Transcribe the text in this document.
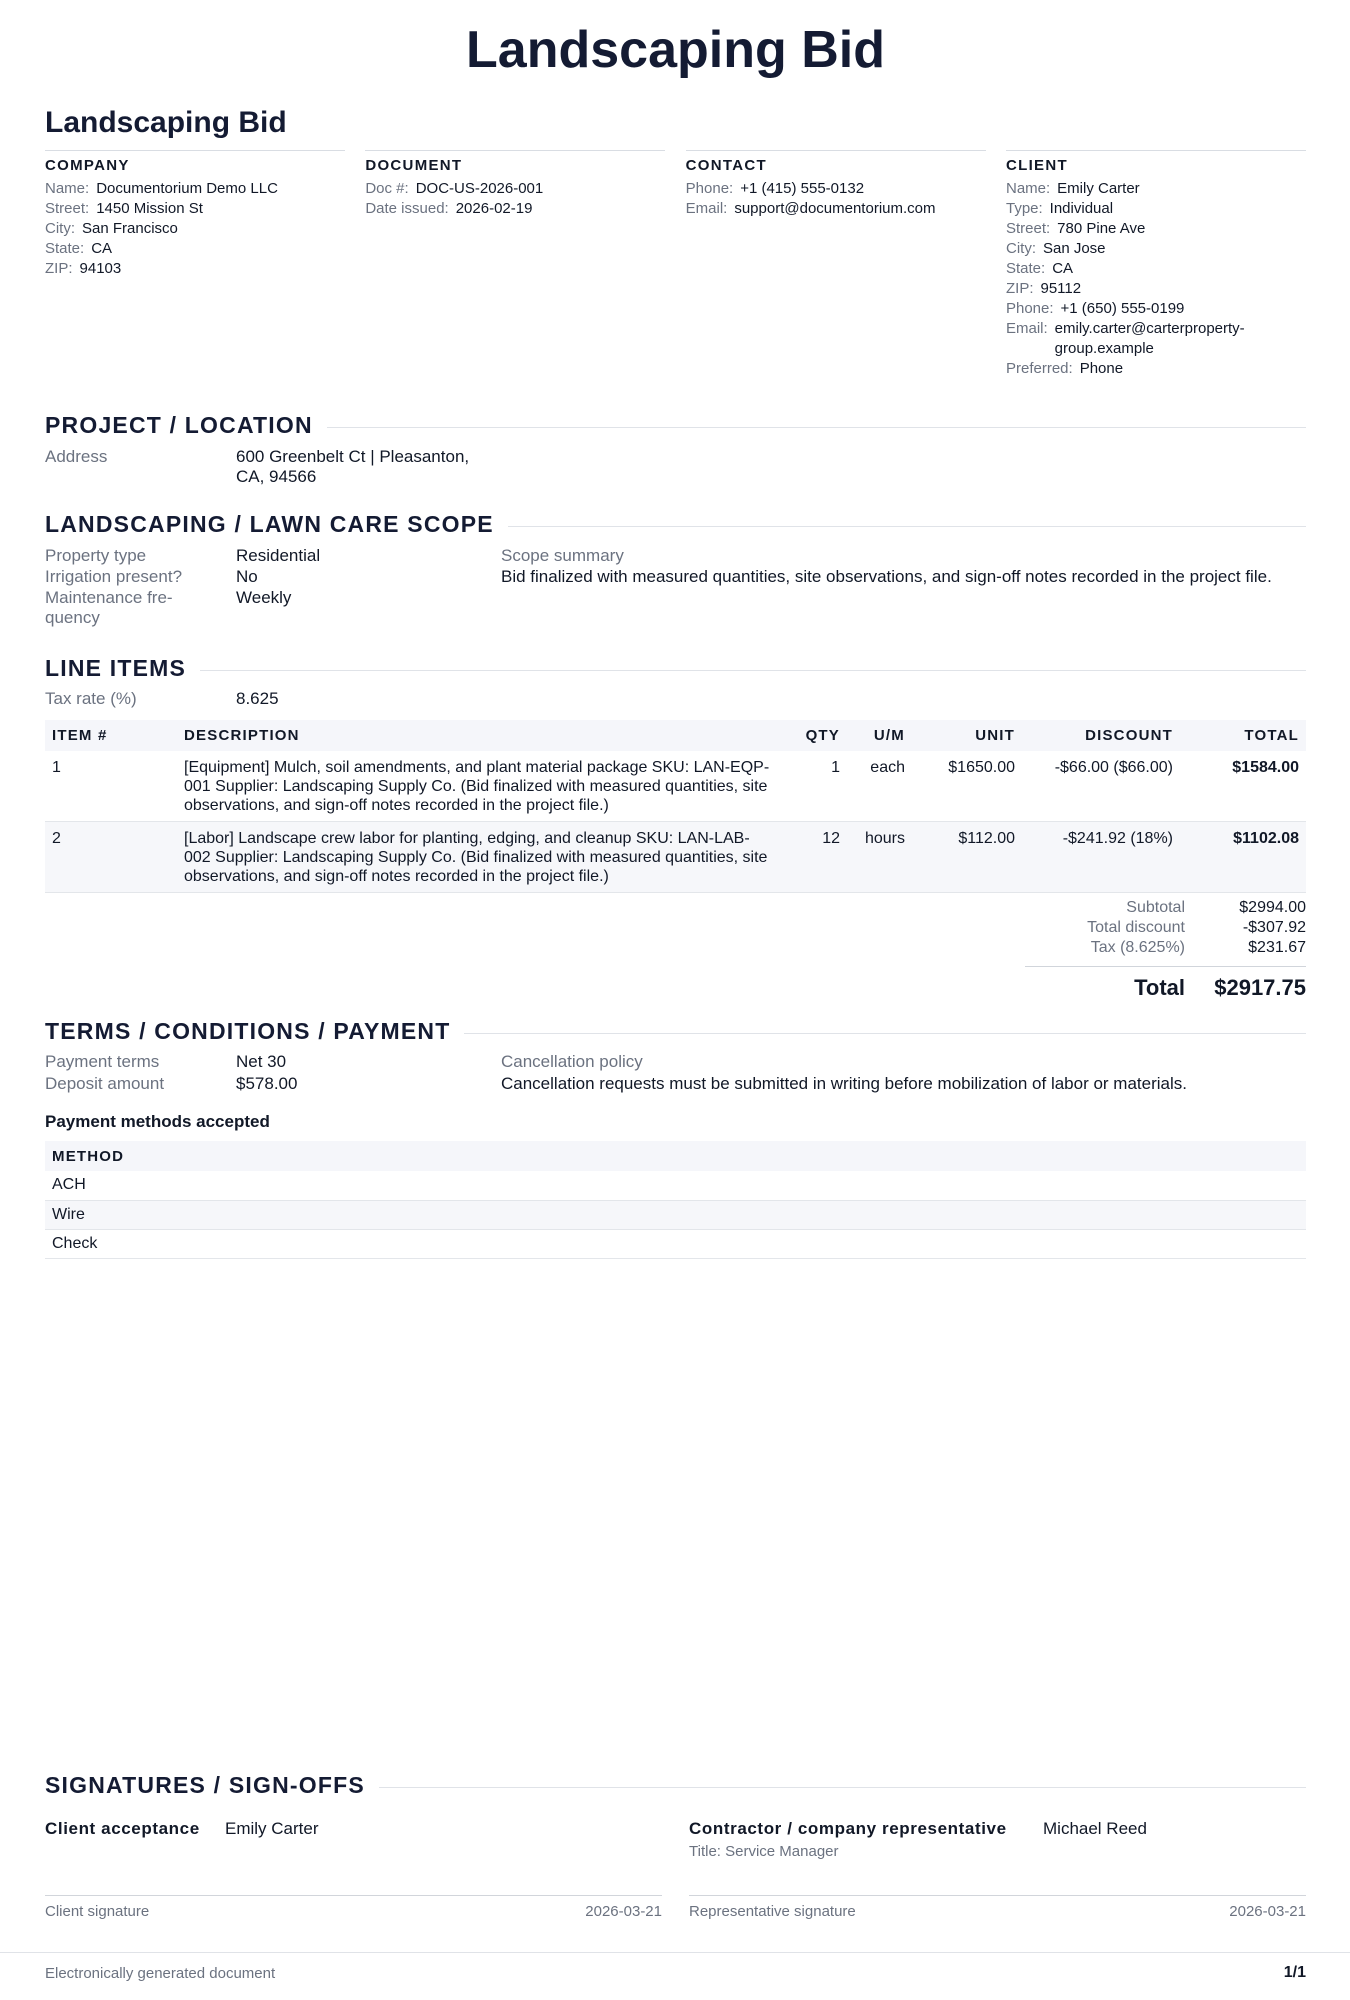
Landscaping Bid
Landscaping Bid
COMPANY
Name: Documentorium Demo LLC
Street: 1450 Mission St
City: San Francisco
State: CA
ZIP: 94103
DOCUMENT
Doc #: DOC-US-2026-001
Date issued: 2026-02-19
CONTACT
Phone: +1 (415) 555-0132
Email: support@documentorium.com
CLIENT
Name: Emily Carter
Type: Individual
Street: 780 Pine Ave
City: San Jose
State: CA
ZIP: 95112
Phone: +1 (650) 555-0199
Email: emily.carter@carterproperty-group.example
Preferred: Phone
PROJECT / LOCATION
Address	600 Greenbelt Ct | Pleasanton,
CA, 94566
LANDSCAPING / LAWN CARE SCOPE
Property type	Residential
Irrigation present?	No
Maintenance fre-
quency
Weekly
Scope summary
Bid finalized with measured quantities, site observations, and sign-off notes recorded in the project file.
LINE ITEMS
Tax rate (%)	8.625
ITEM #	DESCRIPTION	QTY	U/M	UNIT	DISCOUNT	TOTAL
1	[Equipment] Mulch, soil amendments, and plant material package SKU: LAN-EQP-001 Supplier: Landscaping Supply Co. (Bid finalized with measured quantities, site observations, and sign-off notes recorded in the project file.)	1	each	$1650.00	-$66.00 ($66.00)	$1584.00
2	[Labor] Landscape crew labor for planting, edging, and cleanup SKU: LAN-LAB-002 Supplier: Landscaping Supply Co. (Bid finalized with measured quantities, site observations, and sign-off notes recorded in the project file.)	12	hours	$112.00	-$241.92 (18%)	$1102.08
Subtotal	$2994.00
Total discount	-$307.92
Tax (8.625%)	$231.67
Total $2917.75
TERMS / CONDITIONS / PAYMENT
Payment terms	Net 30
Deposit amount	$578.00
Cancellation policy
Cancellation requests must be submitted in writing before mobilization of labor or materials.
Payment methods accepted
METHOD
ACH
Wire
Check
SIGNATURES / SIGN-OFFS
Client acceptance Emily Carter
Client signature	2026-03-21
Contractor / company representative Michael Reed
Title: Service Manager
Representative signature	2026-03-21
Electronically generated document	1/1
